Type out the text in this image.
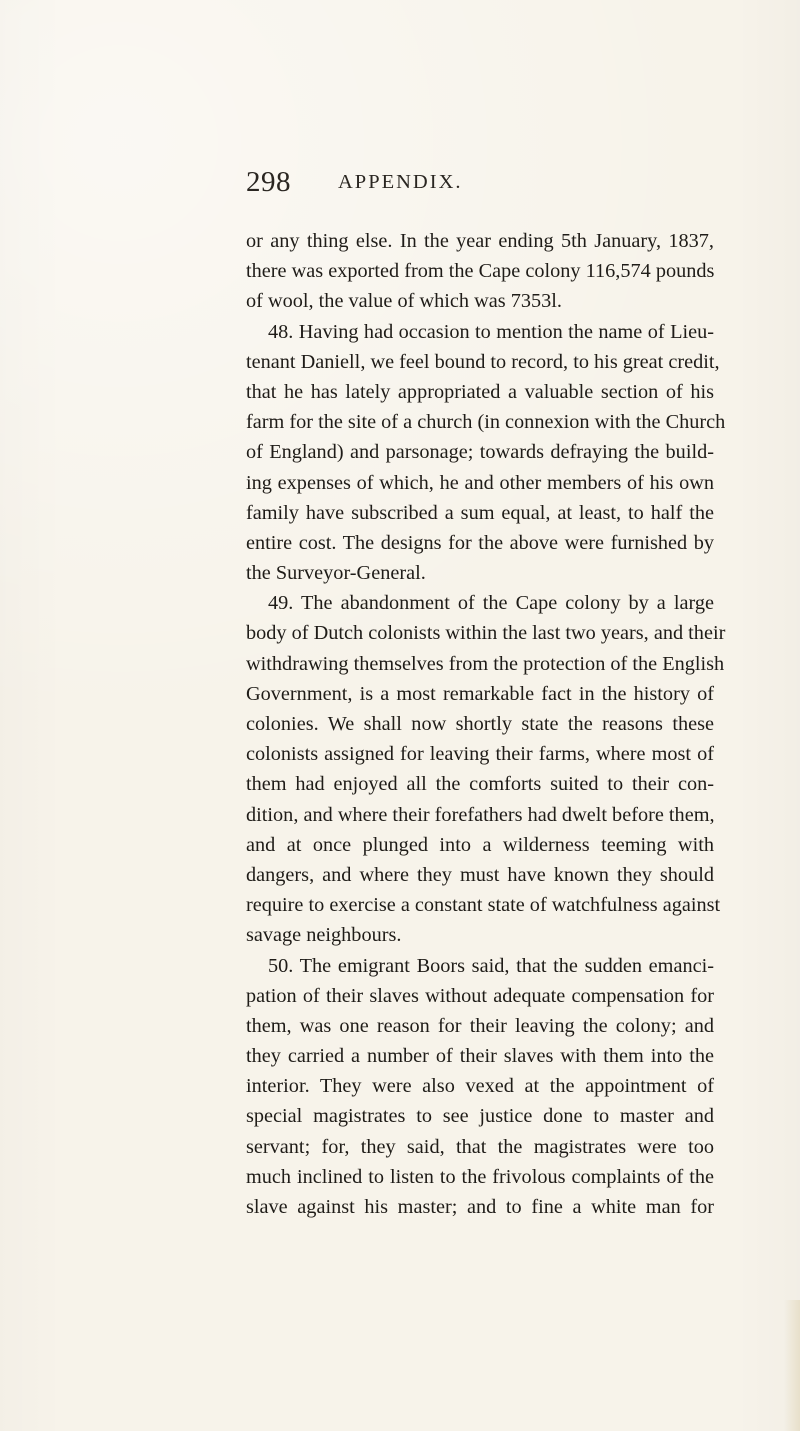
298 APPENDIX.
or any thing else. In the year ending 5th January, 1837,
there was exported from the Cape colony 116,574 pounds
of wool, the value of which was 7353l.
48. Having had occasion to mention the name of Lieu-
tenant Daniell, we feel bound to record, to his great credit,
that he has lately appropriated a valuable section of his
farm for the site of a church (in connexion with the Church
of England) and parsonage; towards defraying the build-
ing expenses of which, he and other members of his own
family have subscribed a sum equal, at least, to half the
entire cost. The designs for the above were furnished by
the Surveyor-General.
49. The abandonment of the Cape colony by a large
body of Dutch colonists within the last two years, and their
withdrawing themselves from the protection of the English
Government, is a most remarkable fact in the history of
colonies. We shall now shortly state the reasons these
colonists assigned for leaving their farms, where most of
them had enjoyed all the comforts suited to their con-
dition, and where their forefathers had dwelt before them,
and at once plunged into a wilderness teeming with
dangers, and where they must have known they should
require to exercise a constant state of watchfulness against
savage neighbours.
50. The emigrant Boors said, that the sudden emanci-
pation of their slaves without adequate compensation for
them, was one reason for their leaving the colony; and
they carried a number of their slaves with them into the
interior. They were also vexed at the appointment of
special magistrates to see justice done to master and
servant; for, they said, that the magistrates were too
much inclined to listen to the frivolous complaints of the
slave against his master; and to fine a white man for
